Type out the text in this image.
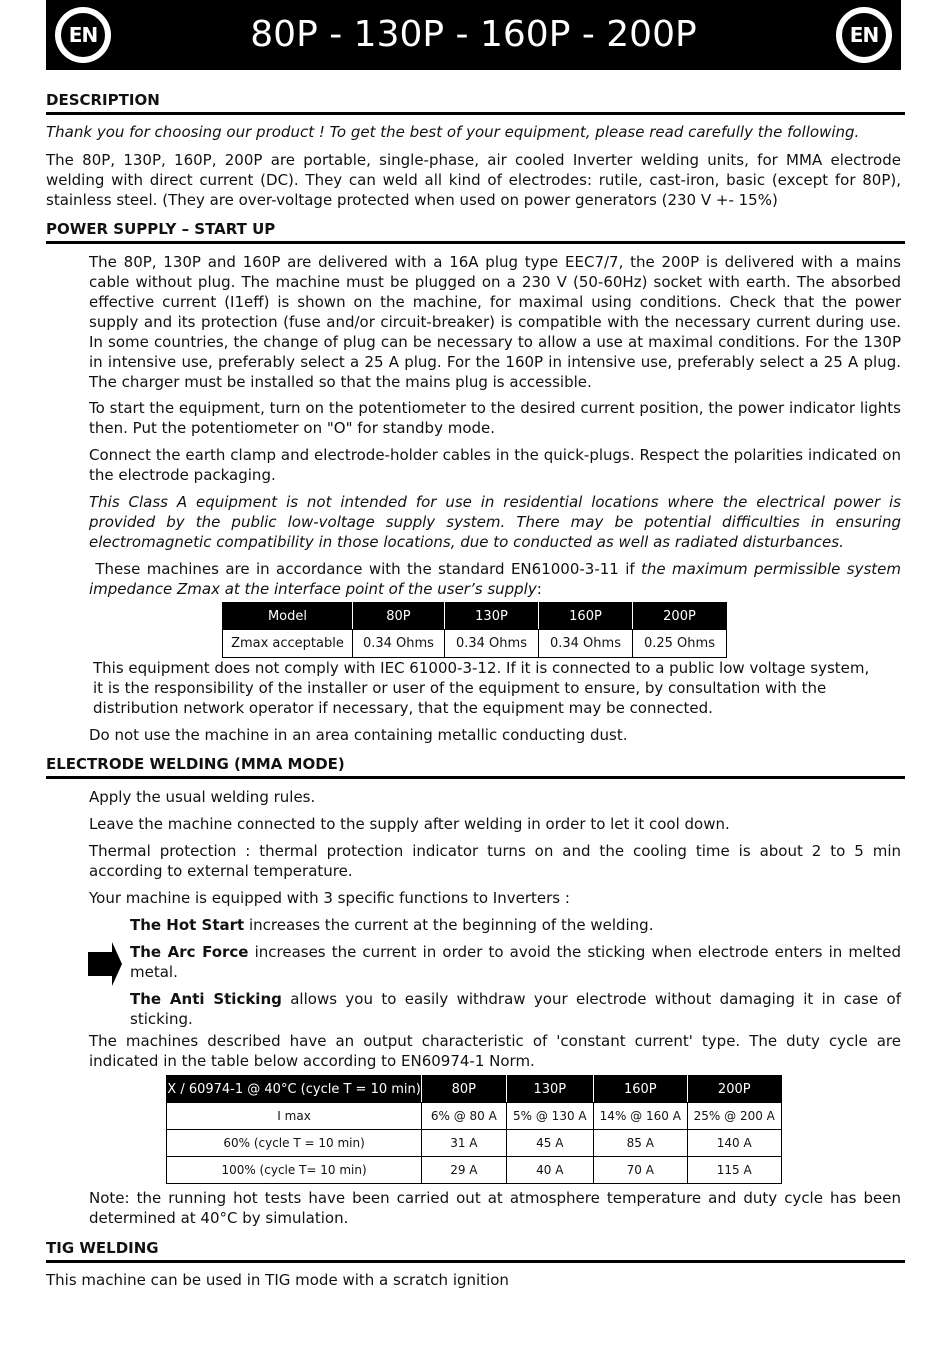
EN	80P - 130P - 160P - 200P	EN
DESCRIPTION

Thank you for choosing our product ! To get the best of your equipment, please read carefully the following.

The 80P, 130P, 160P, 200P are portable, single-phase, air cooled Inverter welding units, for MMA electrode welding with direct current (DC). They can weld all kind of electrodes: rutile, cast-iron, basic (except for 80P), stainless steel. (They are over-voltage protected when used on power generators (230 V +- 15%)

POWER SUPPLY – START UP

The 80P, 130P and 160P are delivered with a 16A plug type EEC7/7, the 200P is delivered with a mains cable without plug. The machine must be plugged on a 230 V (50-60Hz) socket with earth. The absorbed effective current (I1eff) is shown on the machine, for maximal using conditions. Check that the power supply and its protection (fuse and/or circuit-breaker) is compatible with the necessary current during use. In some countries, the change of plug can be necessary to allow a use at maximal conditions. For the 130P in intensive use, preferably select a 25 A plug. For the 160P in intensive use, preferably select a 25 A plug. The charger must be installed so that the mains plug is accessible.

To start the equipment, turn on the potentiometer to the desired current position, the power indicator lights then. Put the potentiometer on "O" for standby mode.

Connect the earth clamp and electrode-holder cables in the quick-plugs. Respect the polarities indicated on the electrode packaging.

This Class A equipment is not intended for use in residential locations where the electrical power is provided by the public low-voltage supply system. There may be potential difficulties in ensuring electromagnetic compatibility in those locations, due to conducted as well as radiated disturbances.

These machines are in accordance with the standard EN61000-3-11 if the maximum permissible system impedance Zmax at the interface point of the user’s supply:

Model	80P	130P	160P	200P
Zmax acceptable	0.34 Ohms	0.34 Ohms	0.34 Ohms	0.25 Ohms

This equipment does not comply with IEC 61000-3-12. If it is connected to a public low voltage system, it is the responsibility of the installer or user of the equipment to ensure, by consultation with the distribution network operator if necessary, that the equipment may be connected.

Do not use the machine in an area containing metallic conducting dust.

ELECTRODE WELDING (MMA MODE)

Apply the usual welding rules.

Leave the machine connected to the supply after welding in order to let it cool down.

Thermal protection : thermal protection indicator turns on and the cooling time is about 2 to 5 min according to external temperature.

Your machine is equipped with 3 specific functions to Inverters :

The Hot Start increases the current at the beginning of the welding.

The Arc Force increases the current in order to avoid the sticking when electrode enters in melted metal.

The Anti Sticking allows you to easily withdraw your electrode without damaging it in case of sticking.

The machines described have an output characteristic of 'constant current' type. The duty cycle are indicated in the table below according to EN60974-1 Norm.

X / 60974-1 @ 40°C (cycle T = 10 min)	80P	130P	160P	200P
I max	6% @ 80 A	5% @ 130 A	14% @ 160 A	25% @ 200 A
60% (cycle T = 10 min)	31 A	45 A	85 A	140 A
100% (cycle T= 10 min)	29 A	40 A	70 A	115 A

Note: the running hot tests have been carried out at atmosphere temperature and duty cycle has been determined at 40°C by simulation.

TIG WELDING

This machine can be used in TIG mode with a scratch ignition
